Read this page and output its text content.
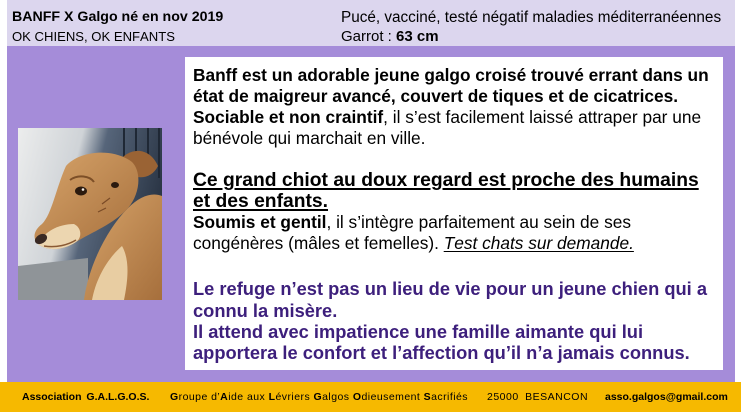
BANFF X Galgo né en nov 2019
OK CHIENS, OK ENFANTS
Pucé, vacciné, testé négatif maladies méditerranéennes
Garrot : 63 cm

Banff est un adorable jeune galgo croisé trouvé errant dans un état de maigreur avancé, couvert de tiques et de cicatrices.

Sociable et non craintif, il s’est facilement laissé attraper par une bénévole qui marchait en ville.

Ce grand chiot au doux regard est proche des humains et des enfants.

Soumis et gentil, il s’intègre parfaitement au sein de ses congénères (mâles et femelles). Test chats sur demande.

Le refuge n’est pas un lieu de vie pour un jeune chien qui a connu la misère.

Il attend avec impatience une famille aimante qui lui apportera le confort et l’affection qu’il n’a jamais connus.

Association G.A.L.G.O.S. Groupe d’Aide aux Lévriers Galgos Odieusement Sacrifiés 25000 BESANCON asso.galgos@gmail.com
